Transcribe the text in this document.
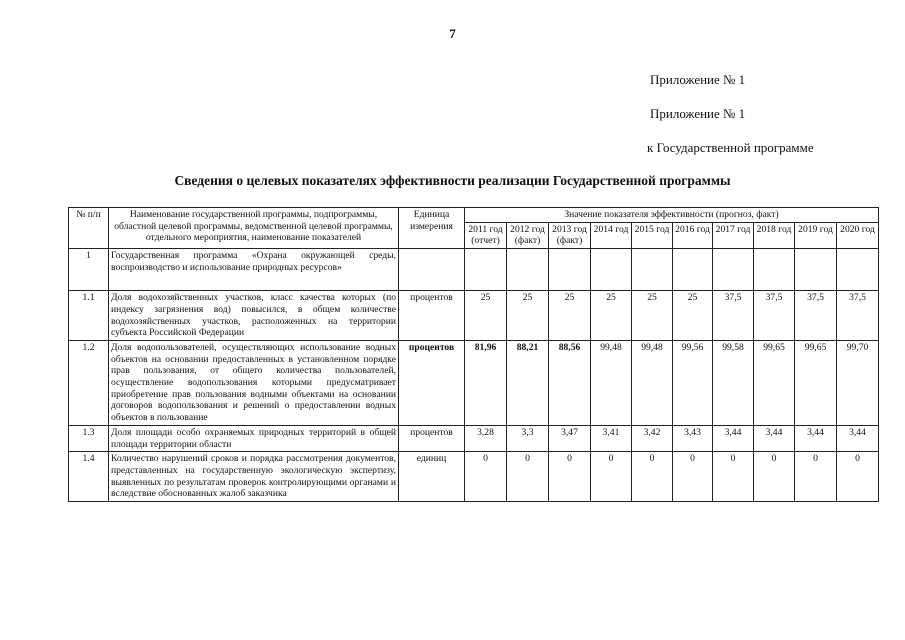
7
Приложение № 1
Приложение № 1
к Государственной программе
Сведения о целевых показателях эффективности реализации Государственной программы
№ п/п	Наименование государственной программы, подпрограммы, областной целевой программы, ведомственной целевой программы, отдельного мероприятия, наименование показателей	Единица измерения	Значение показателя эффективности (прогноз, факт)									
			2011 год (отчет)	2012 год (факт)	2013 год (факт)	2014 год	2015 год	2016 год	2017 год	2018 год	2019 год	2020 год
1	Государственная программа «Охрана окружающей среды, воспроизводство и использование природных ресурсов»											
1.1	Доля водохозяйственных участков, класс качества которых (по индексу загрязнения вод) повысился, в общем количестве водохозяйственных участков, расположенных на территории субъекта Российской Федерации	процентов	25	25	25	25	25	25	37,5	37,5	37,5	37,5
1.2	Доля водопользователей, осуществляющих использование водных объектов на основании предоставленных в установленном порядке прав пользования, от общего количества пользователей, осуществление водопользования которыми предусматривает приобретение прав пользования водными объектами на основании договоров водопользования и решений о предоставлении водных объектов в пользование	процентов	81,96	88,21	88,56	99,48	99,48	99,56	99,58	99,65	99,65	99,70
1.3	Доля площади особо охраняемых природных территорий в общей площади территории области	процентов	3,28	3,3	3,47	3,41	3,42	3,43	3,44	3,44	3,44	3,44
1.4	Количество нарушений сроков и порядка рассмотрения документов, представленных на государственную экологическую экспертизу, выявленных по результатам проверок контролирующими органами и вследствие обоснованных жалоб заказчика	единиц	0	0	0	0	0	0	0	0	0	0
